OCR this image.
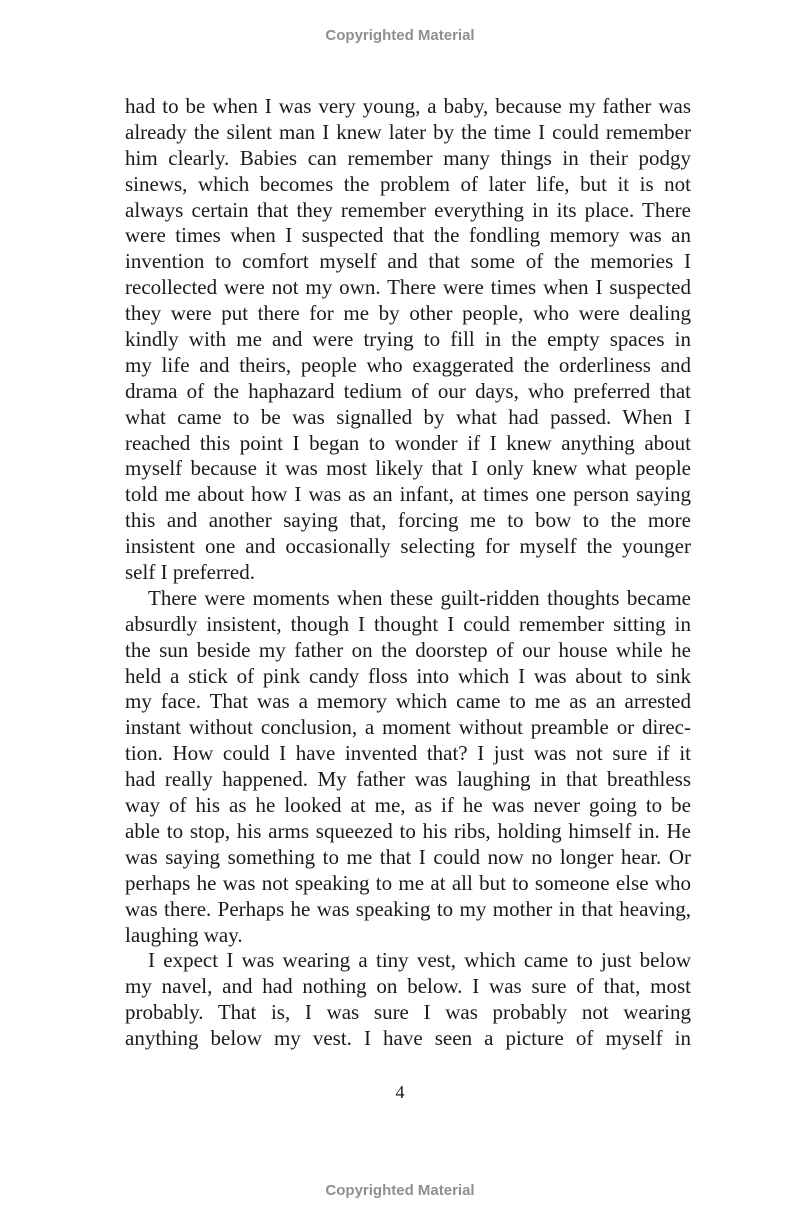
Copyrighted Material
had to be when I was very young, a baby, because my father was
already the silent man I knew later by the time I could remember
him clearly. Babies can remember many things in their podgy
sinews, which becomes the problem of later life, but it is not
always certain that they remember everything in its place. There
were times when I suspected that the fondling memory was an
invention to comfort myself and that some of the memories I
recollected were not my own. There were times when I suspected
they were put there for me by other people, who were dealing
kindly with me and were trying to fill in the empty spaces in
my life and theirs, people who exaggerated the orderliness and
drama of the haphazard tedium of our days, who preferred that
what came to be was signalled by what had passed. When I
reached this point I began to wonder if I knew anything about
myself because it was most likely that I only knew what people
told me about how I was as an infant, at times one person saying
this and another saying that, forcing me to bow to the more
insistent one and occasionally selecting for myself the younger
self I preferred.
There were moments when these guilt-ridden thoughts became
absurdly insistent, though I thought I could remember sitting in
the sun beside my father on the doorstep of our house while he
held a stick of pink candy floss into which I was about to sink
my face. That was a memory which came to me as an arrested
instant without conclusion, a moment without preamble or direc-
tion. How could I have invented that? I just was not sure if it
had really happened. My father was laughing in that breathless
way of his as he looked at me, as if he was never going to be
able to stop, his arms squeezed to his ribs, holding himself in. He
was saying something to me that I could now no longer hear. Or
perhaps he was not speaking to me at all but to someone else who
was there. Perhaps he was speaking to my mother in that heaving,
laughing way.
I expect I was wearing a tiny vest, which came to just below
my navel, and had nothing on below. I was sure of that, most
probably. That is, I was sure I was probably not wearing
anything below my vest. I have seen a picture of myself in
4
Copyrighted Material
